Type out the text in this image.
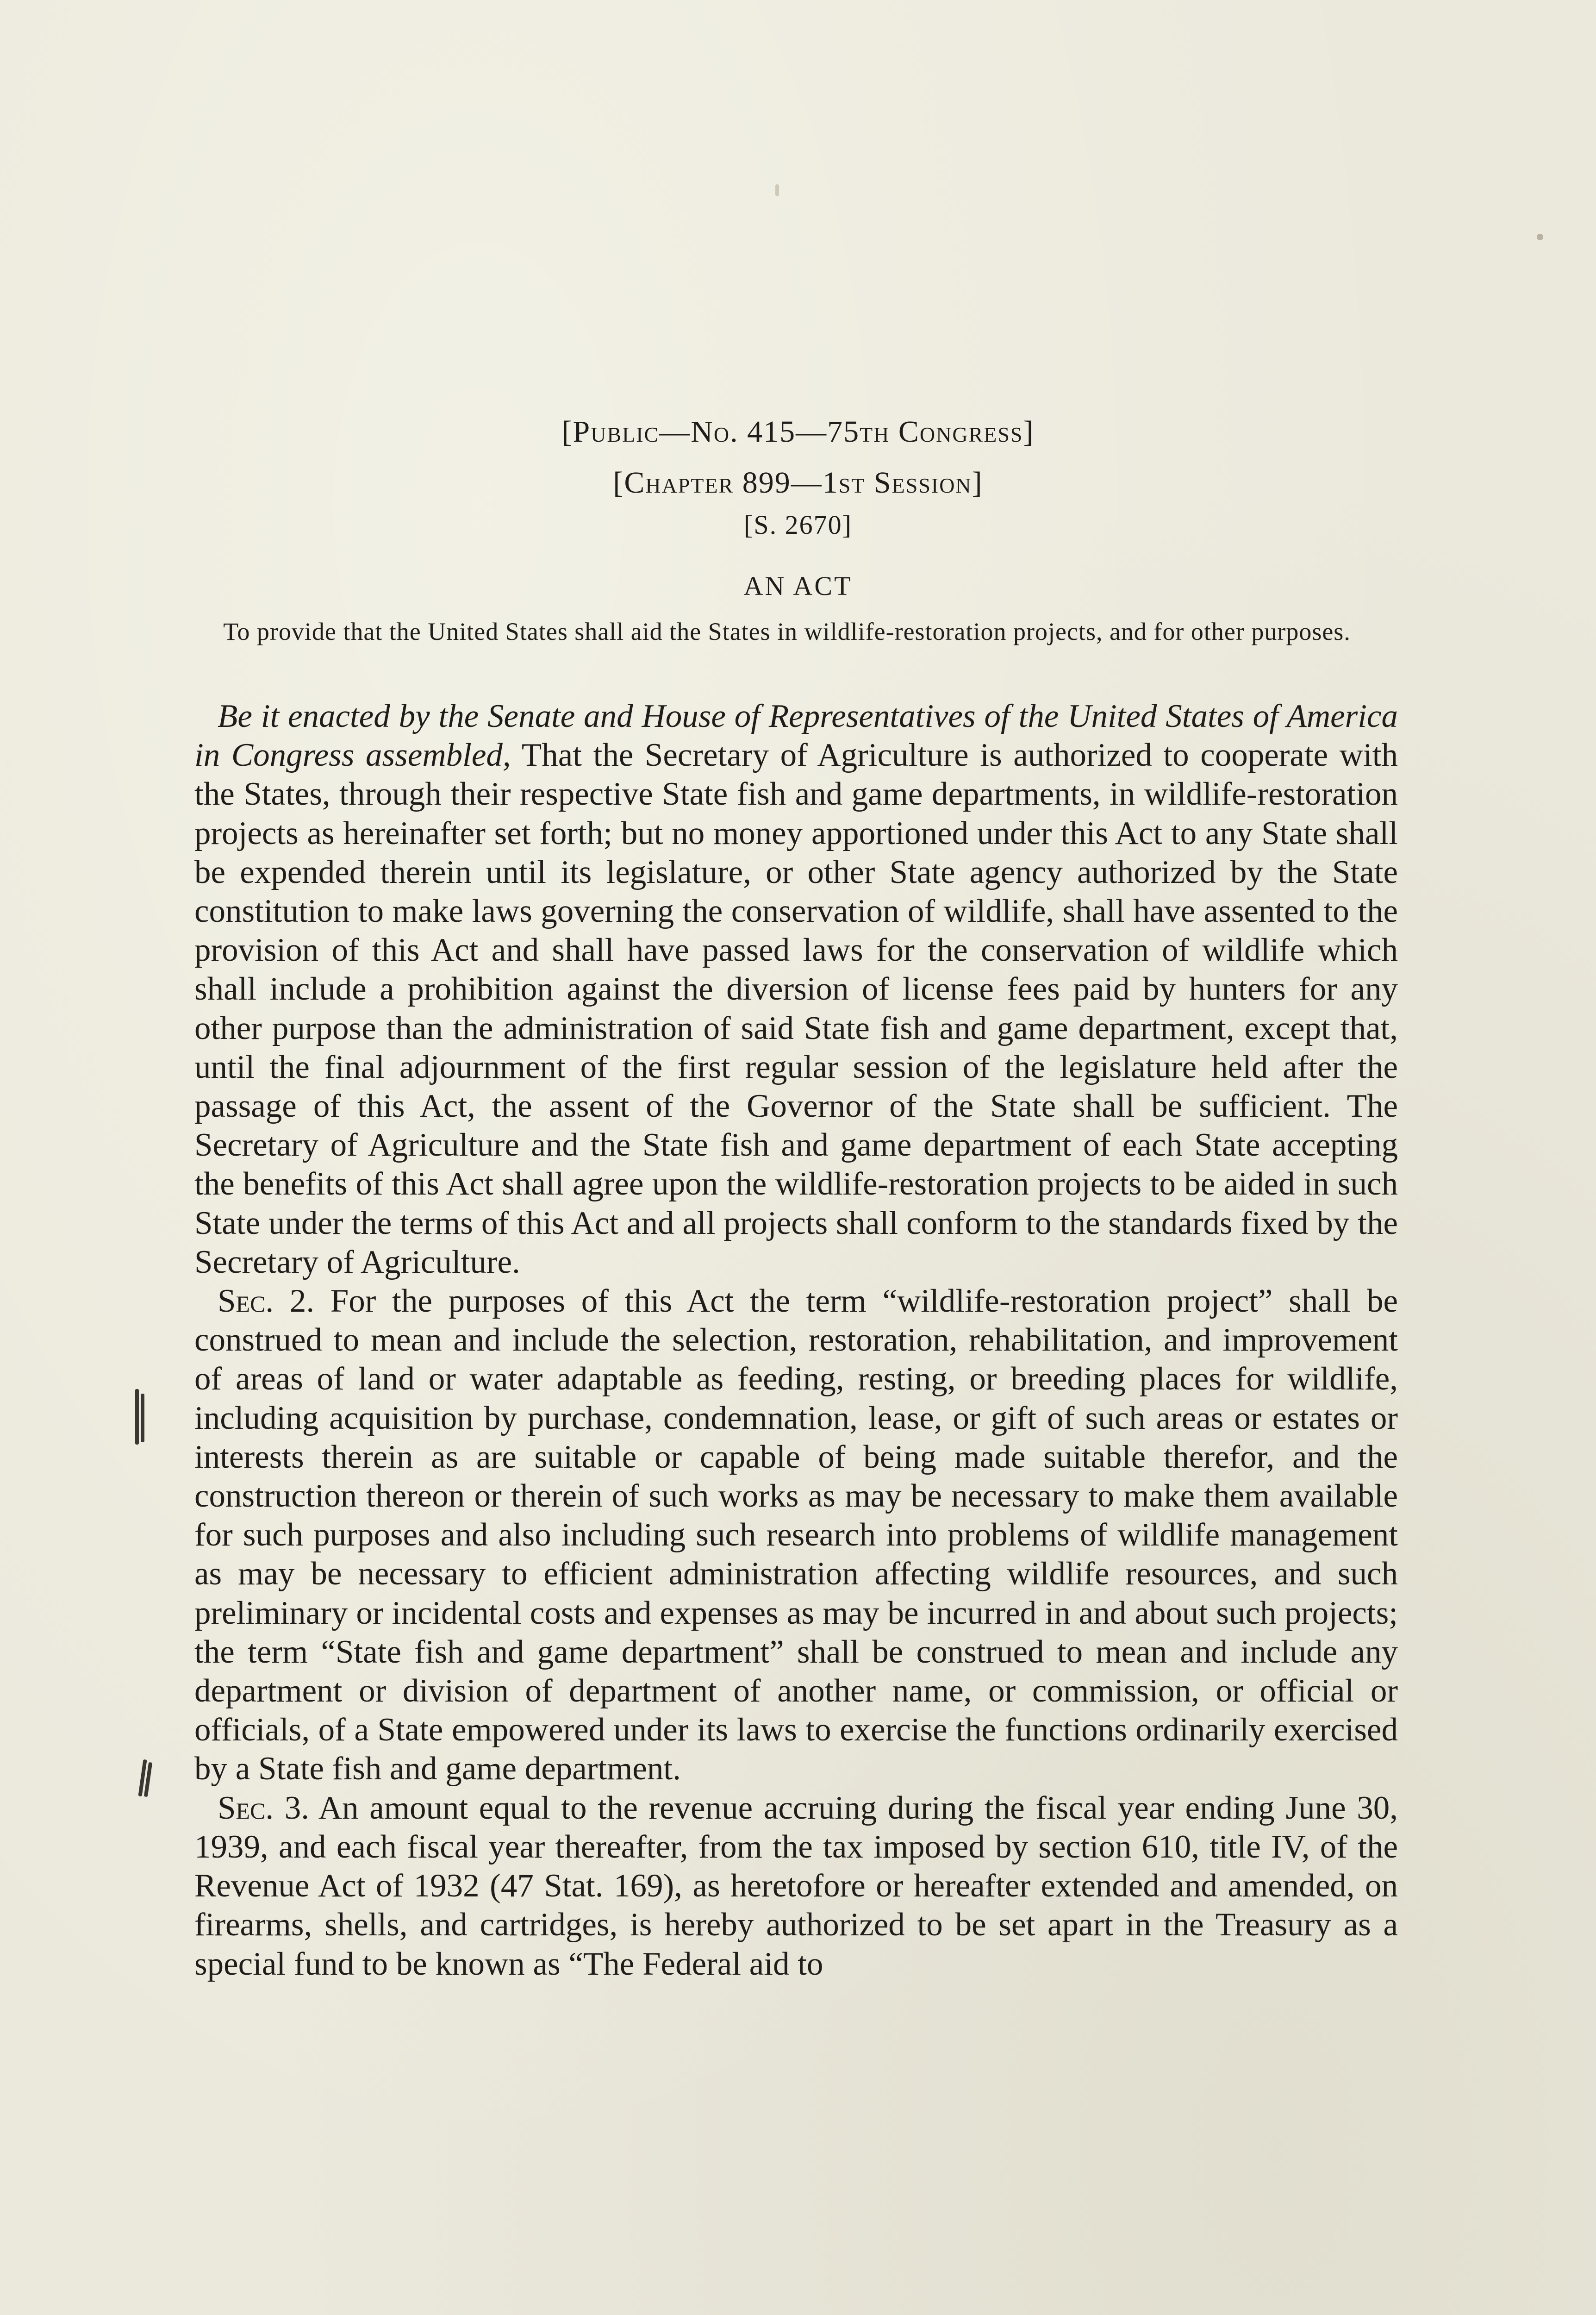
[Public—No. 415—75th Congress]
[Chapter 899—1st Session]
[S. 2670]
AN ACT
To provide that the United States shall aid the States in wildlife-restoration projects, and for other purposes.

Be it enacted by the Senate and House of Representatives of the United States of America in Congress assembled, That the Secretary of Agriculture is authorized to cooperate with the States, through their respective State fish and game departments, in wildlife-restoration projects as hereinafter set forth; but no money apportioned under this Act to any State shall be expended therein until its legislature, or other State agency authorized by the State constitution to make laws governing the conservation of wildlife, shall have assented to the provision of this Act and shall have passed laws for the conservation of wildlife which shall include a prohibition against the diversion of license fees paid by hunters for any other purpose than the administration of said State fish and game department, except that, until the final adjournment of the first regular session of the legislature held after the passage of this Act, the assent of the Governor of the State shall be sufficient. The Secretary of Agriculture and the State fish and game department of each State accepting the benefits of this Act shall agree upon the wildlife-restoration projects to be aided in such State under the terms of this Act and all projects shall conform to the standards fixed by the Secretary of Agriculture.

Sec. 2. For the purposes of this Act the term “wildlife-restoration project” shall be construed to mean and include the selection, restoration, rehabilitation, and improvement of areas of land or water adaptable as feeding, resting, or breeding places for wildlife, including acquisition by purchase, condemnation, lease, or gift of such areas or estates or interests therein as are suitable or capable of being made suitable therefor, and the construction thereon or therein of such works as may be necessary to make them available for such purposes and also including such research into problems of wildlife management as may be necessary to efficient administration affecting wildlife resources, and such preliminary or incidental costs and expenses as may be incurred in and about such projects; the term “State fish and game department” shall be construed to mean and include any department or division of department of another name, or commission, or official or officials, of a State empowered under its laws to exercise the functions ordinarily exercised by a State fish and game department.

Sec. 3. An amount equal to the revenue accruing during the fiscal year ending June 30, 1939, and each fiscal year thereafter, from the tax imposed by section 610, title IV, of the Revenue Act of 1932 (47 Stat. 169), as heretofore or hereafter extended and amended, on firearms, shells, and cartridges, is hereby authorized to be set apart in the Treasury as a special fund to be known as “The Federal aid to
